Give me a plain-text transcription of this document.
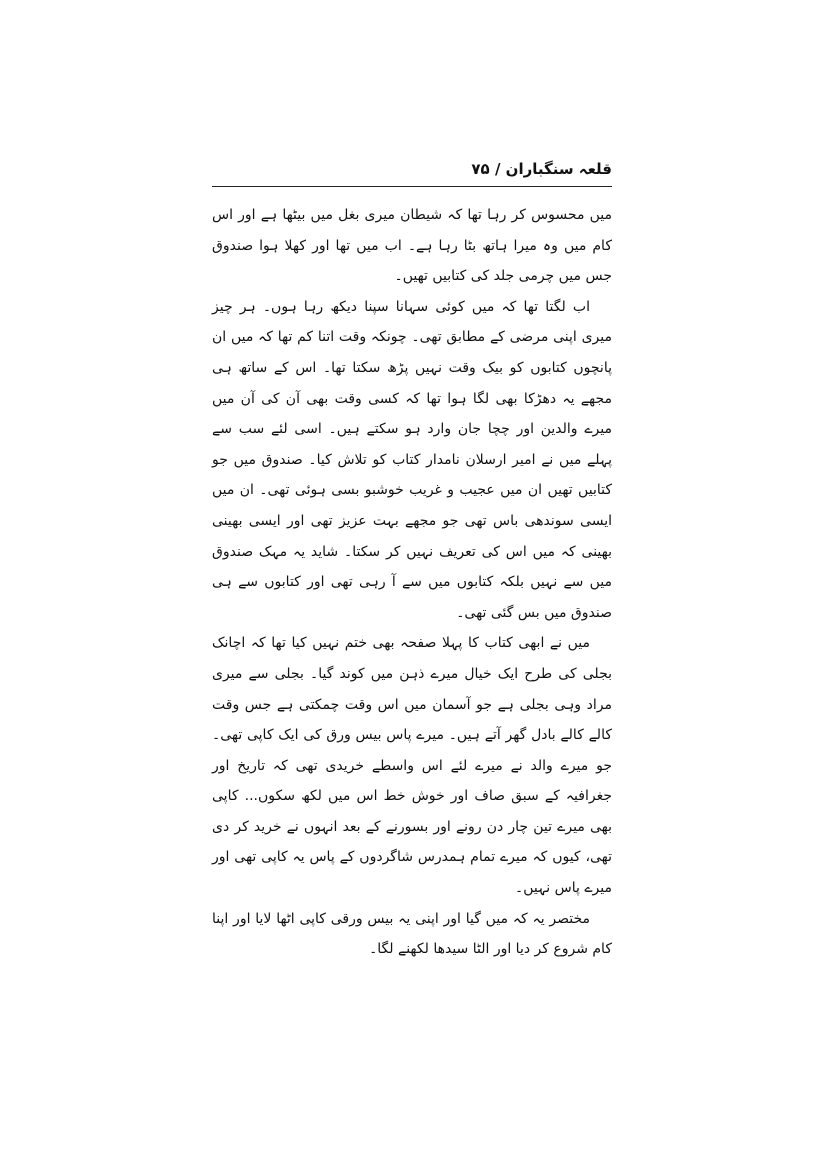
قلعہ سنگباران / ۷۵

میں محسوس کر رہا تھا کہ شیطان میری بغل میں بیٹھا ہے اور اس کام میں وہ میرا ہاتھ بٹا رہا ہے۔ اب میں تھا اور کھلا ہوا صندوق جس میں چرمی جلد کی کتابیں تھیں۔

اب لگتا تھا کہ میں کوئی سہانا سپنا دیکھ رہا ہوں۔ ہر چیز میری اپنی مرضی کے مطابق تھی۔ چونکہ وقت اتنا کم تھا کہ میں ان پانچوں کتابوں کو بیک وقت نہیں پڑھ سکتا تھا۔ اس کے ساتھ ہی مجھے یہ دھڑکا بھی لگا ہوا تھا کہ کسی وقت بھی آن کی آن میں میرے والدین اور چچا جان وارد ہو سکتے ہیں۔ اسی لئے سب سے پہلے میں نے امیر ارسلان نامدار کتاب کو تلاش کیا۔ صندوق میں جو کتابیں تھیں ان میں عجیب و غریب خوشبو بسی ہوئی تھی۔ ان میں ایسی سوندھی باس تھی جو مجھے بہت عزیز تھی اور ایسی بھینی بھینی کہ میں اس کی تعریف نہیں کر سکتا۔ شاید یہ مہک صندوق میں سے نہیں بلکہ کتابوں میں سے آ رہی تھی اور کتابوں سے ہی صندوق میں بس گئی تھی۔

میں نے ابھی کتاب کا پہلا صفحہ بھی ختم نہیں کیا تھا کہ اچانک بجلی کی طرح ایک خیال میرے ذہن میں کوند گیا۔ بجلی سے میری مراد وہی بجلی ہے جو آسمان میں اس وقت چمکتی ہے جس وقت کالے کالے بادل گھر آتے ہیں۔ میرے پاس بیس ورق کی ایک کاپی تھی۔ جو میرے والد نے میرے لئے اس واسطے خریدی تھی کہ تاریخ اور جغرافیہ کے سبق صاف اور خوش خط اس میں لکھ سکوں... کاپی بھی میرے تین چار دن رونے اور بسورنے کے بعد انہوں نے خرید کر دی تھی، کیوں کہ میرے تمام ہمدرس شاگردوں کے پاس یہ کاپی تھی اور میرے پاس نہیں۔

مختصر یہ کہ میں گیا اور اپنی یہ بیس ورقی کاپی اٹھا لایا اور اپنا کام شروع کر دیا اور الٹا سیدھا لکھنے لگا۔
